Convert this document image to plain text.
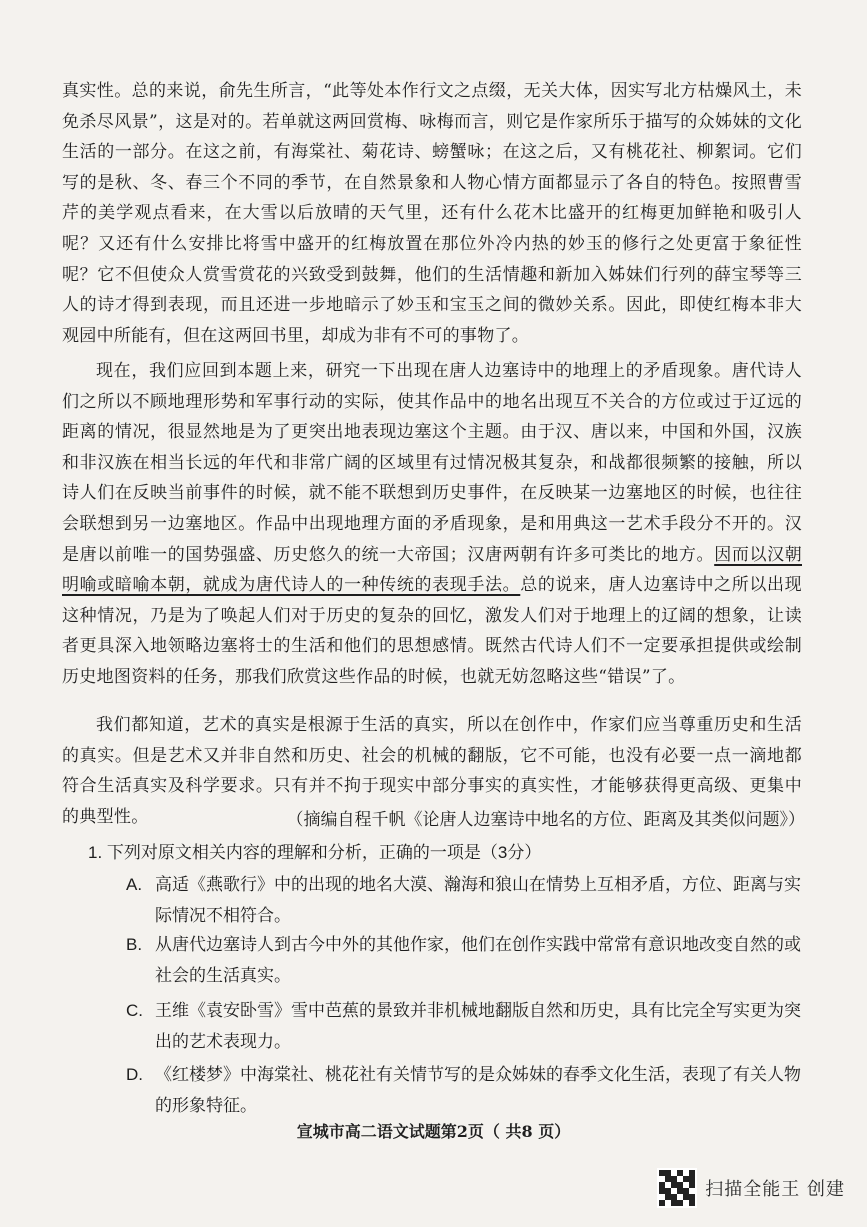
真实性。总的来说，俞先生所言，“此等处本作行文之点缀，无关大体，因实写北方枯燥风土，未免杀尽风景”，这是对的。若单就这两回赏梅、咏梅而言，则它是作家所乐于描写的众姊妹的文化生活的一部分。在这之前，有海棠社、菊花诗、螃蟹咏；在这之后，又有桃花社、柳絮词。它们写的是秋、冬、春三个不同的季节，在自然景象和人物心情方面都显示了各自的特色。按照曹雪芹的美学观点看来，在大雪以后放晴的天气里，还有什么花木比盛开的红梅更加鲜艳和吸引人呢？又还有什么安排比将雪中盛开的红梅放置在那位外冷内热的妙玉的修行之处更富于象征性呢？它不但使众人赏雪赏花的兴致受到鼓舞，他们的生活情趣和新加入姊妹们行列的薛宝琴等三人的诗才得到表现，而且还进一步地暗示了妙玉和宝玉之间的微妙关系。因此，即使红梅本非大观园中所能有，但在这两回书里，却成为非有不可的事物了。

现在，我们应回到本题上来，研究一下出现在唐人边塞诗中的地理上的矛盾现象。唐代诗人们之所以不顾地理形势和军事行动的实际，使其作品中的地名出现互不关合的方位或过于辽远的距离的情况，很显然地是为了更突出地表现边塞这个主题。由于汉、唐以来，中国和外国，汉族和非汉族在相当长远的年代和非常广阔的区域里有过情况极其复杂，和战都很频繁的接触，所以诗人们在反映当前事件的时候，就不能不联想到历史事件，在反映某一边塞地区的时候，也往往会联想到另一边塞地区。作品中出现地理方面的矛盾现象，是和用典这一艺术手段分不开的。汉是唐以前唯一的国势强盛、历史悠久的统一大帝国；汉唐两朝有许多可类比的地方。因而以汉朝明喻或暗喻本朝，就成为唐代诗人的一种传统的表现手法。总的说来，唐人边塞诗中之所以出现这种情况，乃是为了唤起人们对于历史的复杂的回忆，激发人们对于地理上的辽阔的想象，让读者更具深入地领略边塞将士的生活和他们的思想感情。既然古代诗人们不一定要承担提供或绘制历史地图资料的任务，那我们欣赏这些作品的时候，也就无妨忽略这些“错误”了。

我们都知道，艺术的真实是根源于生活的真实，所以在创作中，作家们应当尊重历史和生活的真实。但是艺术又并非自然和历史、社会的机械的翻版，它不可能，也没有必要一点一滴地都符合生活真实及科学要求。只有并不拘于现实中部分事实的真实性，才能够获得更高级、更集中的典型性。	（摘编自程千帆《论唐人边塞诗中地名的方位、距离及其类似问题》）

1. 下列对原文相关内容的理解和分析，正确的一项是（3分）

A. 高适《燕歌行》中的出现的地名大漠、瀚海和狼山在情势上互相矛盾，方位、距离与实际情况不相符合。

B. 从唐代边塞诗人到古今中外的其他作家，他们在创作实践中常常有意识地改变自然的或社会的生活真实。

C. 王维《袁安卧雪》雪中芭蕉的景致并非机械地翻版自然和历史，具有比完全写实更为突出的艺术表现力。

D. 《红楼梦》中海棠社、桃花社有关情节写的是众姊妹的春季文化生活，表现了有关人物的形象特征。

宣城市高二语文试题第2页（ 共8 页）

扫描全能王 创建
